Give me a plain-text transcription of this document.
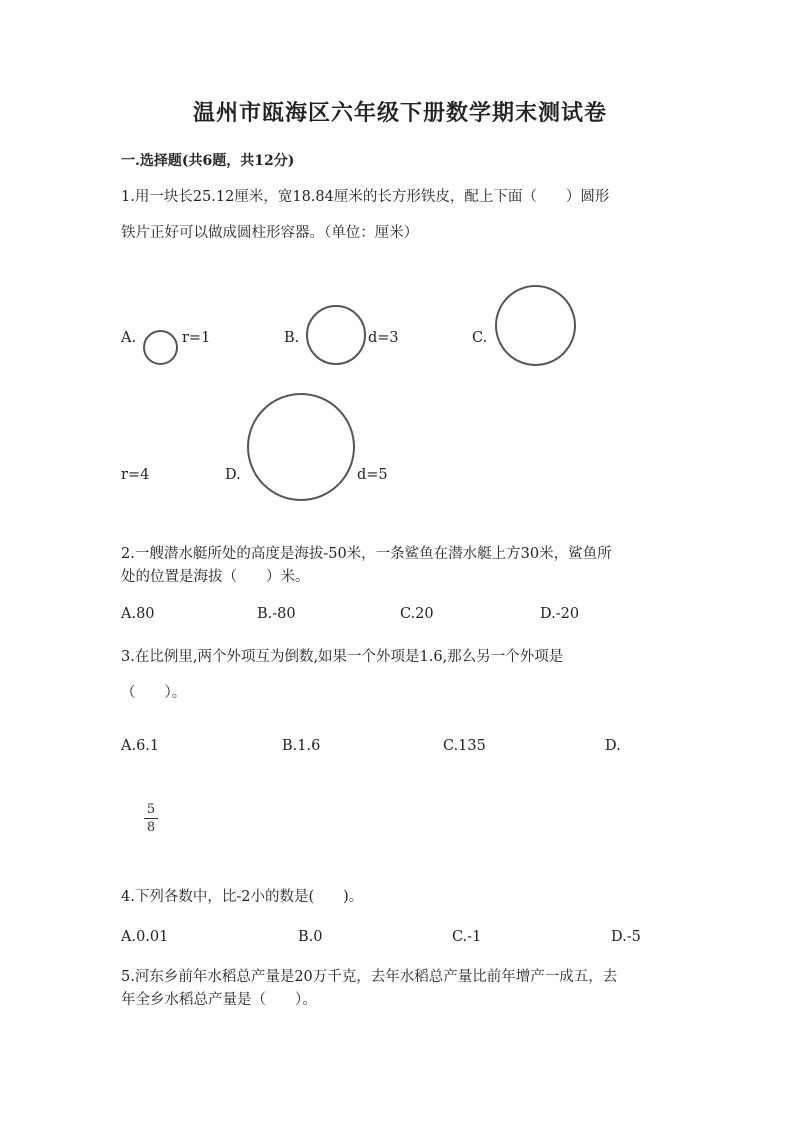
温州市瓯海区六年级下册数学期末测试卷
一.选择题(共6题，共12分)
1.用一块长25.12厘米，宽18.84厘米的长方形铁皮，配上下面（　　）圆形
铁片正好可以做成圆柱形容器。（单位：厘米）
A.	r=1	B.	d=3	C.
r=4	D.	d=5
2.一艘潜水艇所处的高度是海拔-50米，一条鲨鱼在潜水艇上方30米，鲨鱼所
处的位置是海拔（　　）米。
A.80	B.-80	C.20	D.-20
3.在比例里,两个外项互为倒数,如果一个外项是1.6,那么另一个外项是
（　　）。
A.6.1	B.1.6	C.135	D.
5
8
4.下列各数中，比-2小的数是(　　)。
A.0.01	B.0	C.-1	D.-5
5.河东乡前年水稻总产量是20万千克，去年水稻总产量比前年增产一成五，去
年全乡水稻总产量是（　　）。
